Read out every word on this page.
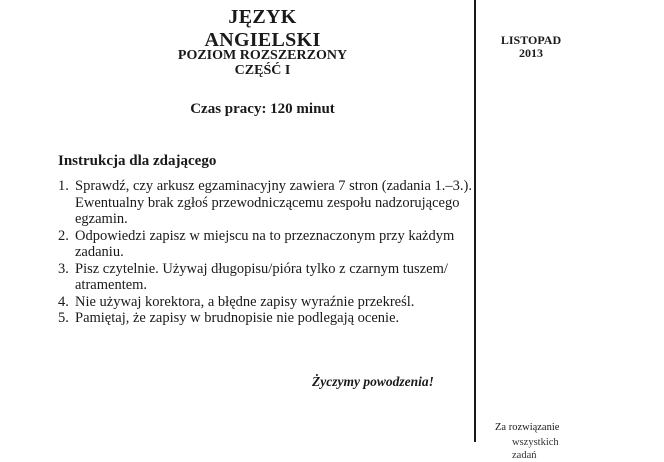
JĘZYK ANGIELSKI
POZIOM ROZSZERZONY
CZĘŚĆ I
Czas pracy: 120 minut
Instrukcja dla zdającego
1. Sprawdź, czy arkusz egzaminacyjny zawiera 7 stron (zadania 1.–3.).
Ewentualny brak zgłoś przewodniczącemu zespołu nadzorującego
egzamin.
2. Odpowiedzi zapisz w miejscu na to przeznaczonym przy każdym
zadaniu.
3. Pisz czytelnie. Używaj długopisu/pióra tylko z czarnym tuszem/
atramentem.
4. Nie używaj korektora, a błędne zapisy wyraźnie przekreśl.
5. Pamiętaj, że zapisy w brudnopisie nie podlegają ocenie.
Życzymy powodzenia!
LISTOPAD
2013
Za rozwiązanie
wszystkich zadań
